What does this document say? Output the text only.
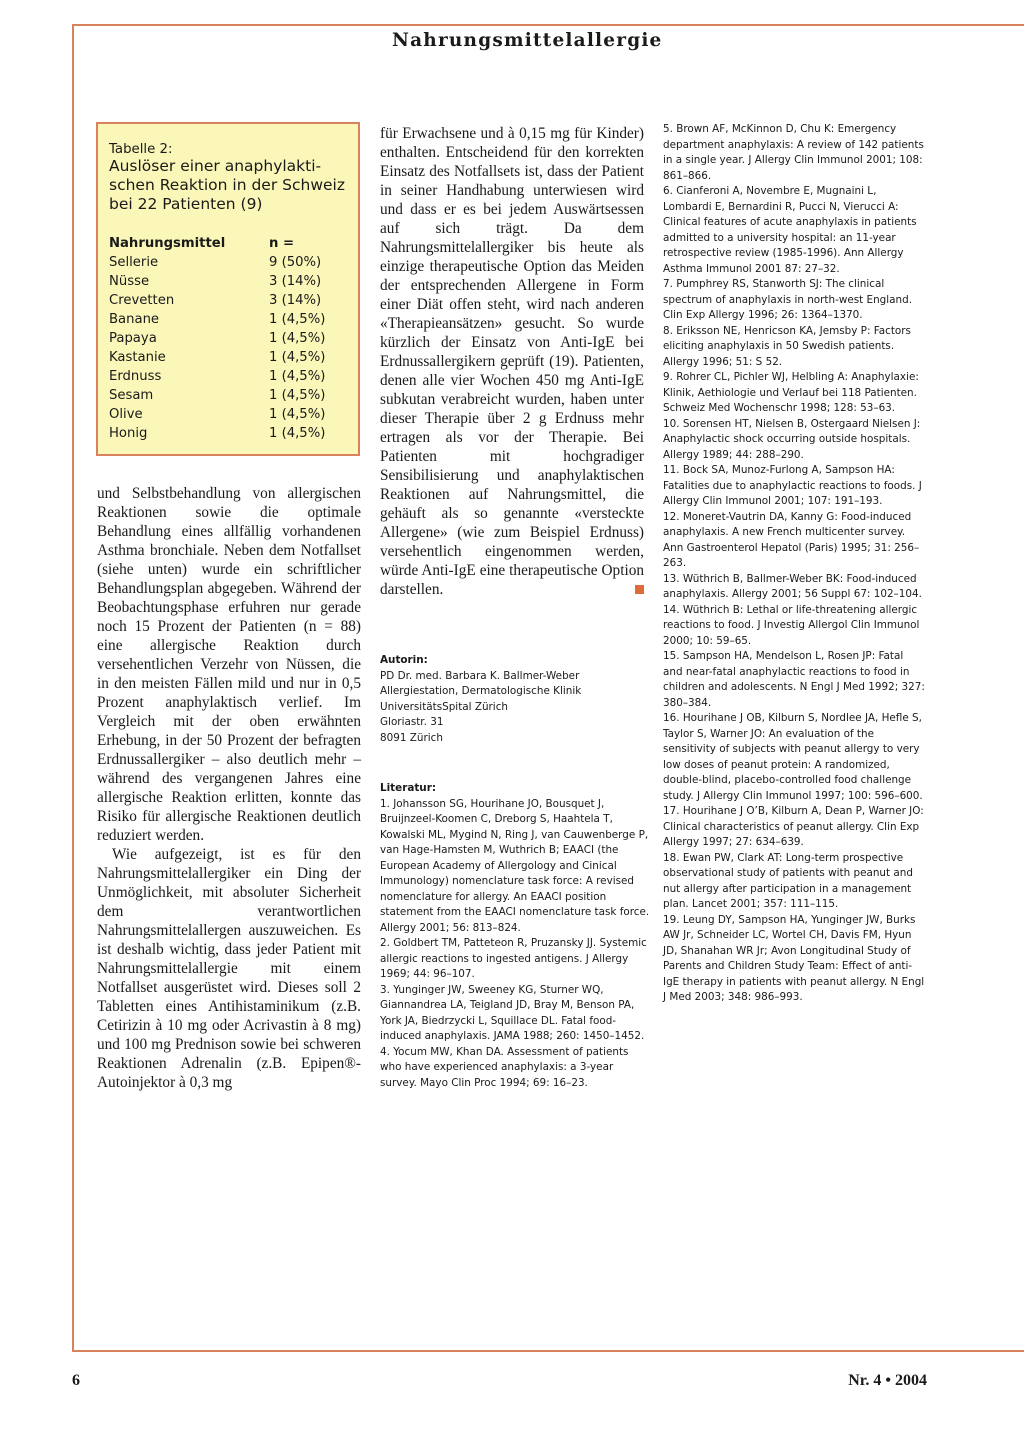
Nahrungsmittelallergie
Tabelle 2:
Auslöser einer anaphylakti-schen Reaktion in der Schweiz bei 22 Patienten (9)
Nahrungsmittel	n =
Sellerie	9 (50%)
Nüsse	3 (14%)
Crevetten	3 (14%)
Banane	1 (4,5%)
Papaya	1 (4,5%)
Kastanie	1 (4,5%)
Erdnuss	1 (4,5%)
Sesam	1 (4,5%)
Olive	1 (4,5%)
Honig	1 (4,5%)

und Selbstbehandlung von allergischen Reaktionen sowie die optimale Behandlung eines allfällig vorhandenen Asthma bronchiale. Neben dem Notfallset (siehe unten) wurde ein schriftlicher Behandlungsplan abgegeben. Während der Beobachtungsphase erfuhren nur gerade noch 15 Prozent der Patienten (n = 88) eine allergische Reaktion durch versehentlichen Verzehr von Nüssen, die in den meisten Fällen mild und nur in 0,5 Prozent anaphylaktisch verlief. Im Vergleich mit der oben erwähnten Erhebung, in der 50 Prozent der befragten Erdnussallergiker – also deutlich mehr – während des vergangenen Jahres eine allergische Reaktion erlitten, konnte das Risiko für allergische Reaktionen deutlich reduziert werden.

Wie aufgezeigt, ist es für den Nahrungsmittelallergiker ein Ding der Unmöglichkeit, mit absoluter Sicherheit dem verantwortlichen Nahrungsmittelallergen auszuweichen. Es ist deshalb wichtig, dass jeder Patient mit Nahrungsmittelallergie mit einem Notfallset ausgerüstet wird. Dieses soll 2 Tabletten eines Antihistaminikum (z.B. Cetirizin à 10 mg oder Acrivastin à 8 mg) und 100 mg Prednison sowie bei schweren Reaktionen Adrenalin (z.B. Epipen®-Autoinjektor à 0,3 mg

für Erwachsene und à 0,15 mg für Kinder) enthalten. Entscheidend für den korrekten Einsatz des Notfallsets ist, dass der Patient in seiner Handhabung unterwiesen wird und dass er es bei jedem Auswärtsessen auf sich trägt. Da dem Nahrungsmittelallergiker bis heute als einzige therapeutische Option das Meiden der entsprechenden Allergene in Form einer Diät offen steht, wird nach anderen «Therapieansätzen» gesucht. So wurde kürzlich der Einsatz von Anti-IgE bei Erdnussallergikern geprüft (19). Patienten, denen alle vier Wochen 450 mg Anti-IgE subkutan verabreicht wurden, haben unter dieser Therapie über 2 g Erdnuss mehr ertragen als vor der Therapie. Bei Patienten mit hochgradiger Sensibilisierung und anaphylaktischen Reaktionen auf Nahrungsmittel, die gehäuft als so genannte «versteckte Allergene» (wie zum Beispiel Erdnuss) versehentlich eingenommen werden, würde Anti-IgE eine therapeutische Option darstellen.

Autorin:
PD Dr. med. Barbara K. Ballmer-Weber
Allergiestation, Dermatologische Klinik
UniversitätsSpital Zürich
Gloriastr. 31
8091 Zürich
Literatur:
1. Johansson SG, Hourihane JO, Bousquet J, Bruijnzeel-Koomen C, Dreborg S, Haahtela T, Kowalski ML, Mygind N, Ring J, van Cauwenberge P, van Hage-Hamsten M, Wuthrich B; EAACI (the European Academy of Allergology and Cinical Immunology) nomenclature task force: A revised nomenclature for allergy. An EAACI position statement from the EAACI nomenclature task force. Allergy 2001; 56: 813–824.
2. Goldbert TM, Patteteon R, Pruzansky JJ. Systemic allergic reactions to ingested antigens. J Allergy 1969; 44: 96–107.
3. Yunginger JW, Sweeney KG, Sturner WQ, Giannandrea LA, Teigland JD, Bray M, Benson PA, York JA, Biedrzycki L, Squillace DL. Fatal food-induced anaphylaxis. JAMA 1988; 260: 1450–1452.
4. Yocum MW, Khan DA. Assessment of patients who have experienced anaphylaxis: a 3-year survey. Mayo Clin Proc 1994; 69: 16–23.
5. Brown AF, McKinnon D, Chu K: Emergency department anaphylaxis: A review of 142 patients in a single year. J Allergy Clin Immunol 2001; 108: 861–866.
6. Cianferoni A, Novembre E, Mugnaini L, Lombardi E, Bernardini R, Pucci N, Vierucci A: Clinical features of acute anaphylaxis in patients admitted to a university hospital: an 11-year retrospective review (1985-1996). Ann Allergy Asthma Immunol 2001 87: 27–32.
7. Pumphrey RS, Stanworth SJ: The clinical spectrum of anaphylaxis in north-west England. Clin Exp Allergy 1996; 26: 1364–1370.
8. Eriksson NE, Henricson KA, Jemsby P: Factors eliciting anaphylaxis in 50 Swedish patients. Allergy 1996; 51: S 52.
9. Rohrer CL, Pichler WJ, Helbling A: Anaphylaxie: Klinik, Aethiologie und Verlauf bei 118 Patienten. Schweiz Med Wochenschr 1998; 128: 53–63.
10. Sorensen HT, Nielsen B, Ostergaard Nielsen J: Anaphylactic shock occurring outside hospitals. Allergy 1989; 44: 288–290.
11. Bock SA, Munoz-Furlong A, Sampson HA: Fatalities due to anaphylactic reactions to foods. J Allergy Clin Immunol 2001; 107: 191–193.
12. Moneret-Vautrin DA, Kanny G: Food-induced anaphylaxis. A new French multicenter survey. Ann Gastroenterol Hepatol (Paris) 1995; 31: 256–263.
13. Wüthrich B, Ballmer-Weber BK: Food-induced anaphylaxis. Allergy 2001; 56 Suppl 67: 102–104.
14. Wüthrich B: Lethal or life-threatening allergic reactions to food. J Investig Allergol Clin Immunol 2000; 10: 59–65.
15. Sampson HA, Mendelson L, Rosen JP: Fatal and near-fatal anaphylactic reactions to food in children and adolescents. N Engl J Med 1992; 327: 380–384.
16. Hourihane J OB, Kilburn S, Nordlee JA, Hefle S, Taylor S, Warner JO: An evaluation of the sensitivity of subjects with peanut allergy to very low doses of peanut protein: A randomized, double-blind, placebo-controlled food challenge study. J Allergy Clin Immunol 1997; 100: 596–600.
17. Hourihane J O’B, Kilburn A, Dean P, Warner JO: Clinical characteristics of peanut allergy. Clin Exp Allergy 1997; 27: 634–639.
18. Ewan PW, Clark AT: Long-term prospective observational study of patients with peanut and nut allergy after participation in a management plan. Lancet 2001; 357: 111–115.
19. Leung DY, Sampson HA, Yunginger JW, Burks AW Jr, Schneider LC, Wortel CH, Davis FM, Hyun JD, Shanahan WR Jr; Avon Longitudinal Study of Parents and Children Study Team: Effect of anti-IgE therapy in patients with peanut allergy. N Engl J Med 2003; 348: 986–993.
6	Nr. 4 • 2004
